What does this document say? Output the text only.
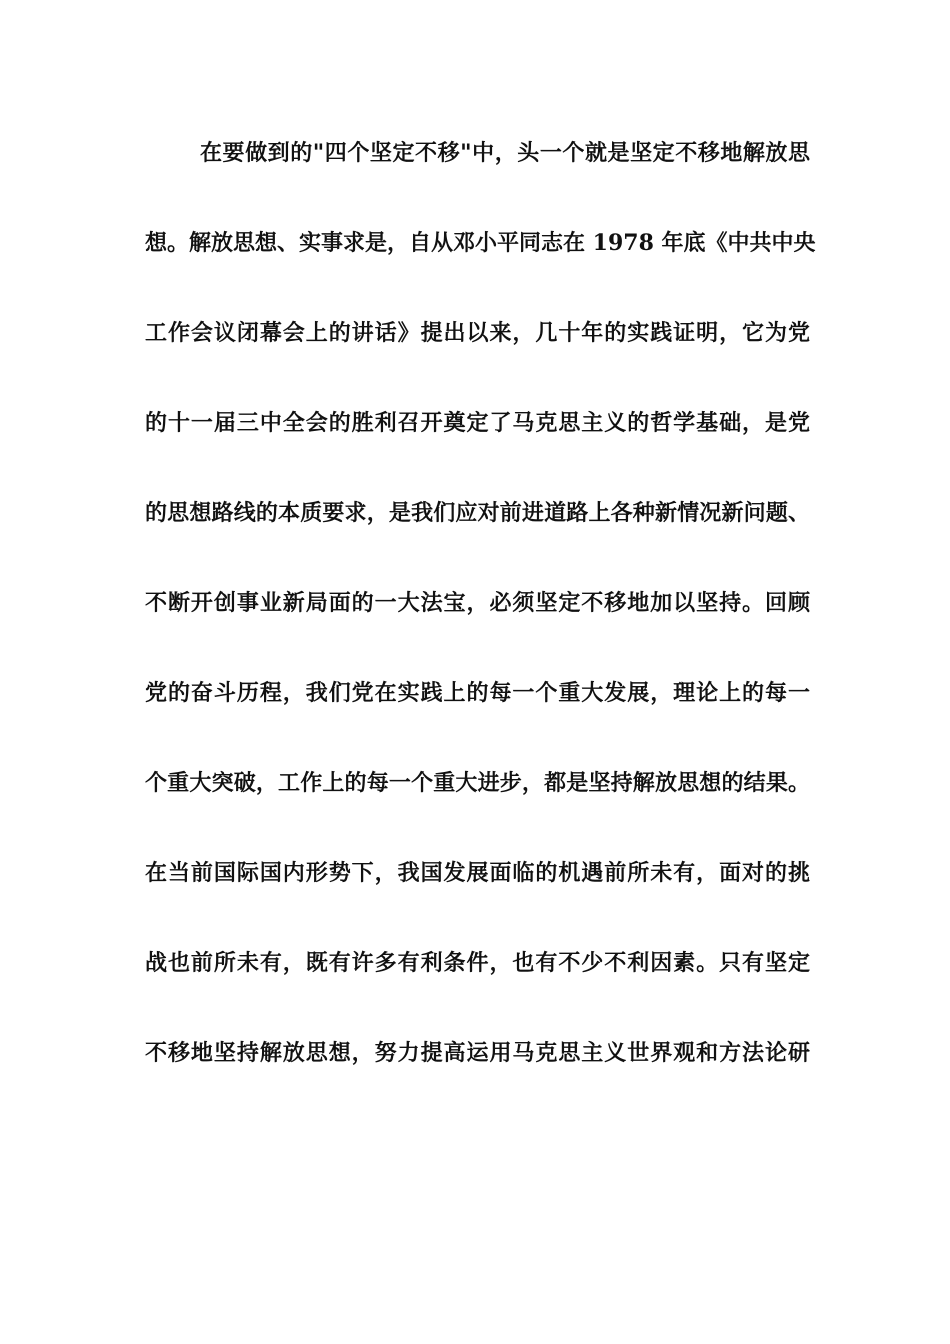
在要做到的"四个坚定不移"中，头一个就是坚定不移地解放思
想。解放思想、实事求是，自从邓小平同志在 1978 年底《中共中央
工作会议闭幕会上的讲话》提出以来，几十年的实践证明，它为党
的十一届三中全会的胜利召开奠定了马克思主义的哲学基础，是党
的思想路线的本质要求，是我们应对前进道路上各种新情况新问题、
不断开创事业新局面的一大法宝，必须坚定不移地加以坚持。回顾
党的奋斗历程，我们党在实践上的每一个重大发展，理论上的每一
个重大突破，工作上的每一个重大进步，都是坚持解放思想的结果。
在当前国际国内形势下，我国发展面临的机遇前所未有，面对的挑
战也前所未有，既有许多有利条件，也有不少不利因素。只有坚定
不移地坚持解放思想，努力提高运用马克思主义世界观和方法论研
